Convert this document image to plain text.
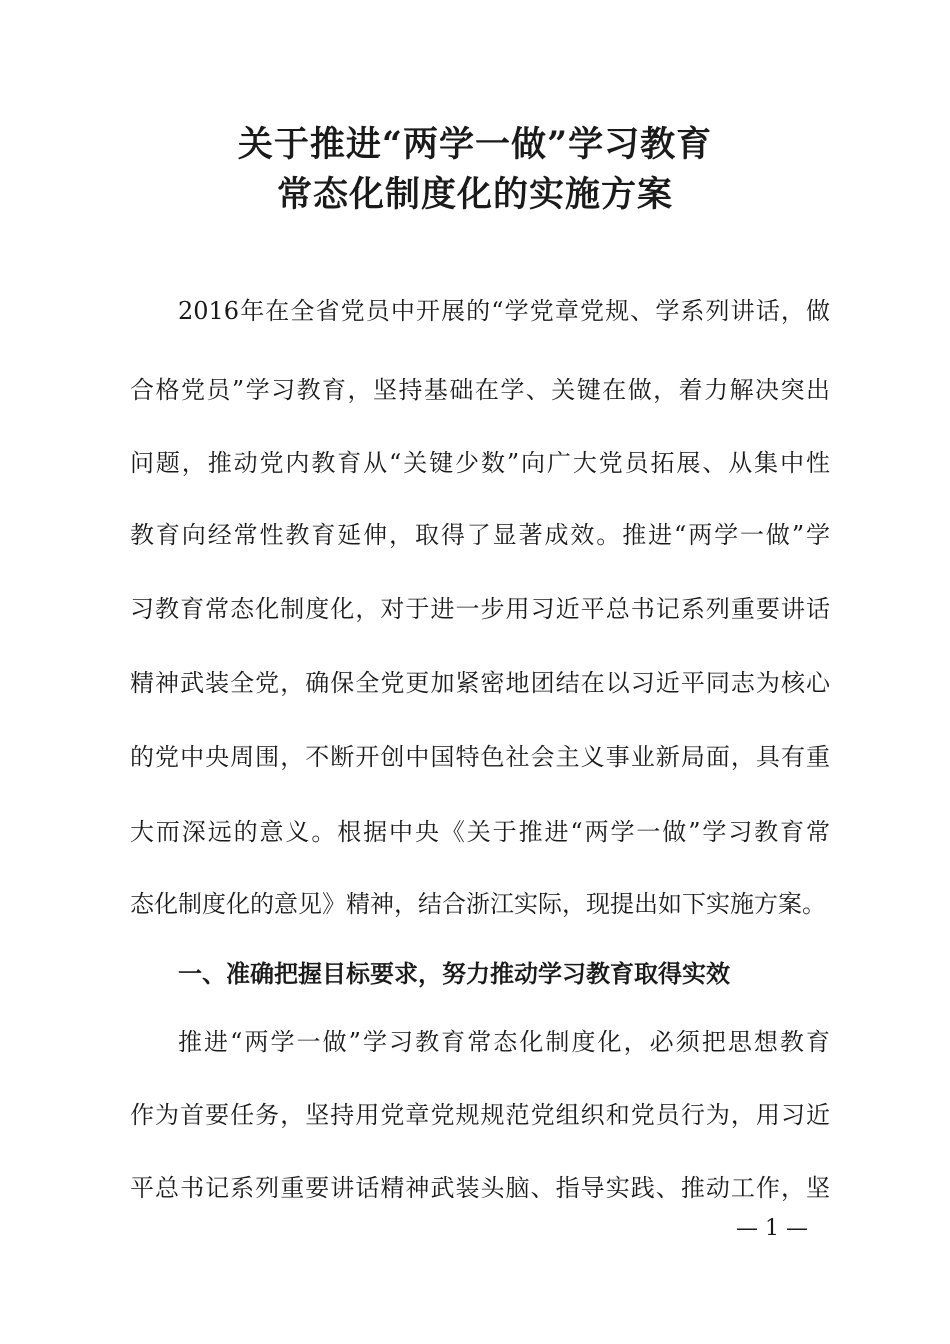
关于推进“两学一做”学习教育
常态化制度化的实施方案
2016年在全省党员中开展的“学党章党规、学系列讲话，做
合格党员”学习教育，坚持基础在学、关键在做，着力解决突出
问题，推动党内教育从“关键少数”向广大党员拓展、从集中性
教育向经常性教育延伸，取得了显著成效。推进“两学一做”学
习教育常态化制度化，对于进一步用习近平总书记系列重要讲话
精神武装全党，确保全党更加紧密地团结在以习近平同志为核心
的党中央周围，不断开创中国特色社会主义事业新局面，具有重
大而深远的意义。根据中央《关于推进“两学一做”学习教育常
态化制度化的意见》精神，结合浙江实际，现提出如下实施方案。
推进“两学一做”学习教育常态化制度化，必须把思想教育
作为首要任务，坚持用党章党规规范党组织和党员行为，用习近
平总书记系列重要讲话精神武装头脑、指导实践、推动工作，坚
一、准确把握目标要求，努力推动学习教育取得实效
— 1 —
